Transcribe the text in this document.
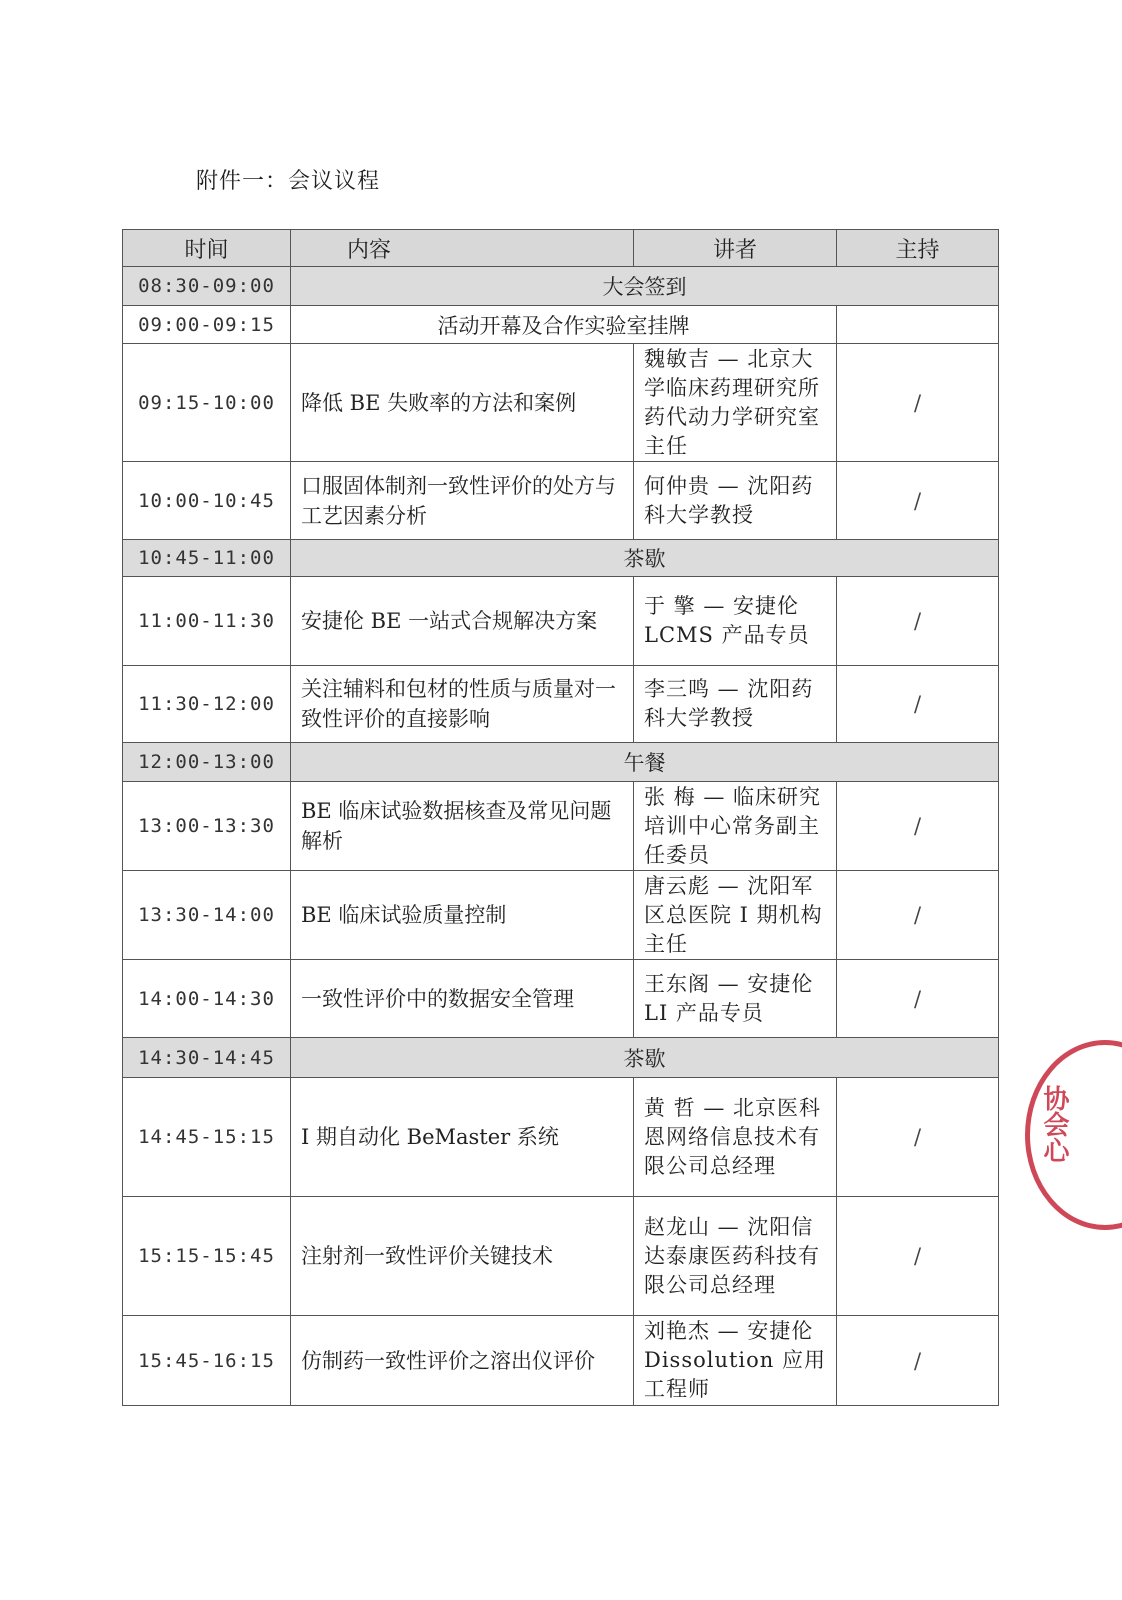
附件一：会议议程
时间	内容	讲者	主持
08:30-09:00	大会签到		
09:00-09:15	活动开幕及合作实验室挂牌		
09:15-10:00	降低 BE 失败率的方法和案例	魏敏吉 — 北京大学临床药理研究所药代动力学研究室主任	/
10:00-10:45	口服固体制剂一致性评价的处方与工艺因素分析	何仲贵 — 沈阳药科大学教授	/
10:45-11:00	茶歇		
11:00-11:30	安捷伦 BE 一站式合规解决方案	于 擎 — 安捷伦 LCMS 产品专员	/
11:30-12:00	关注辅料和包材的性质与质量对一致性评价的直接影响	李三鸣 — 沈阳药科大学教授	/
12:00-13:00	午餐		
13:00-13:30	BE 临床试验数据核查及常见问题解析	张 梅 — 临床研究培训中心常务副主任委员	/
13:30-14:00	BE 临床试验质量控制	唐云彪 — 沈阳军区总医院 I 期机构主任	/
14:00-14:30	一致性评价中的数据安全管理	王东阁 — 安捷伦 LI 产品专员	/
14:30-14:45	茶歇		
14:45-15:15	I 期自动化 BeMaster 系统	黄 哲 — 北京医科恩网络信息技术有限公司总经理	/
15:15-15:45	注射剂一致性评价关键技术	赵龙山 — 沈阳信达泰康医药科技有限公司总经理	/
15:45-16:15	仿制药一致性评价之溶出仪评价	刘艳杰 — 安捷伦 Dissolution 应用工程师	/
协会心
